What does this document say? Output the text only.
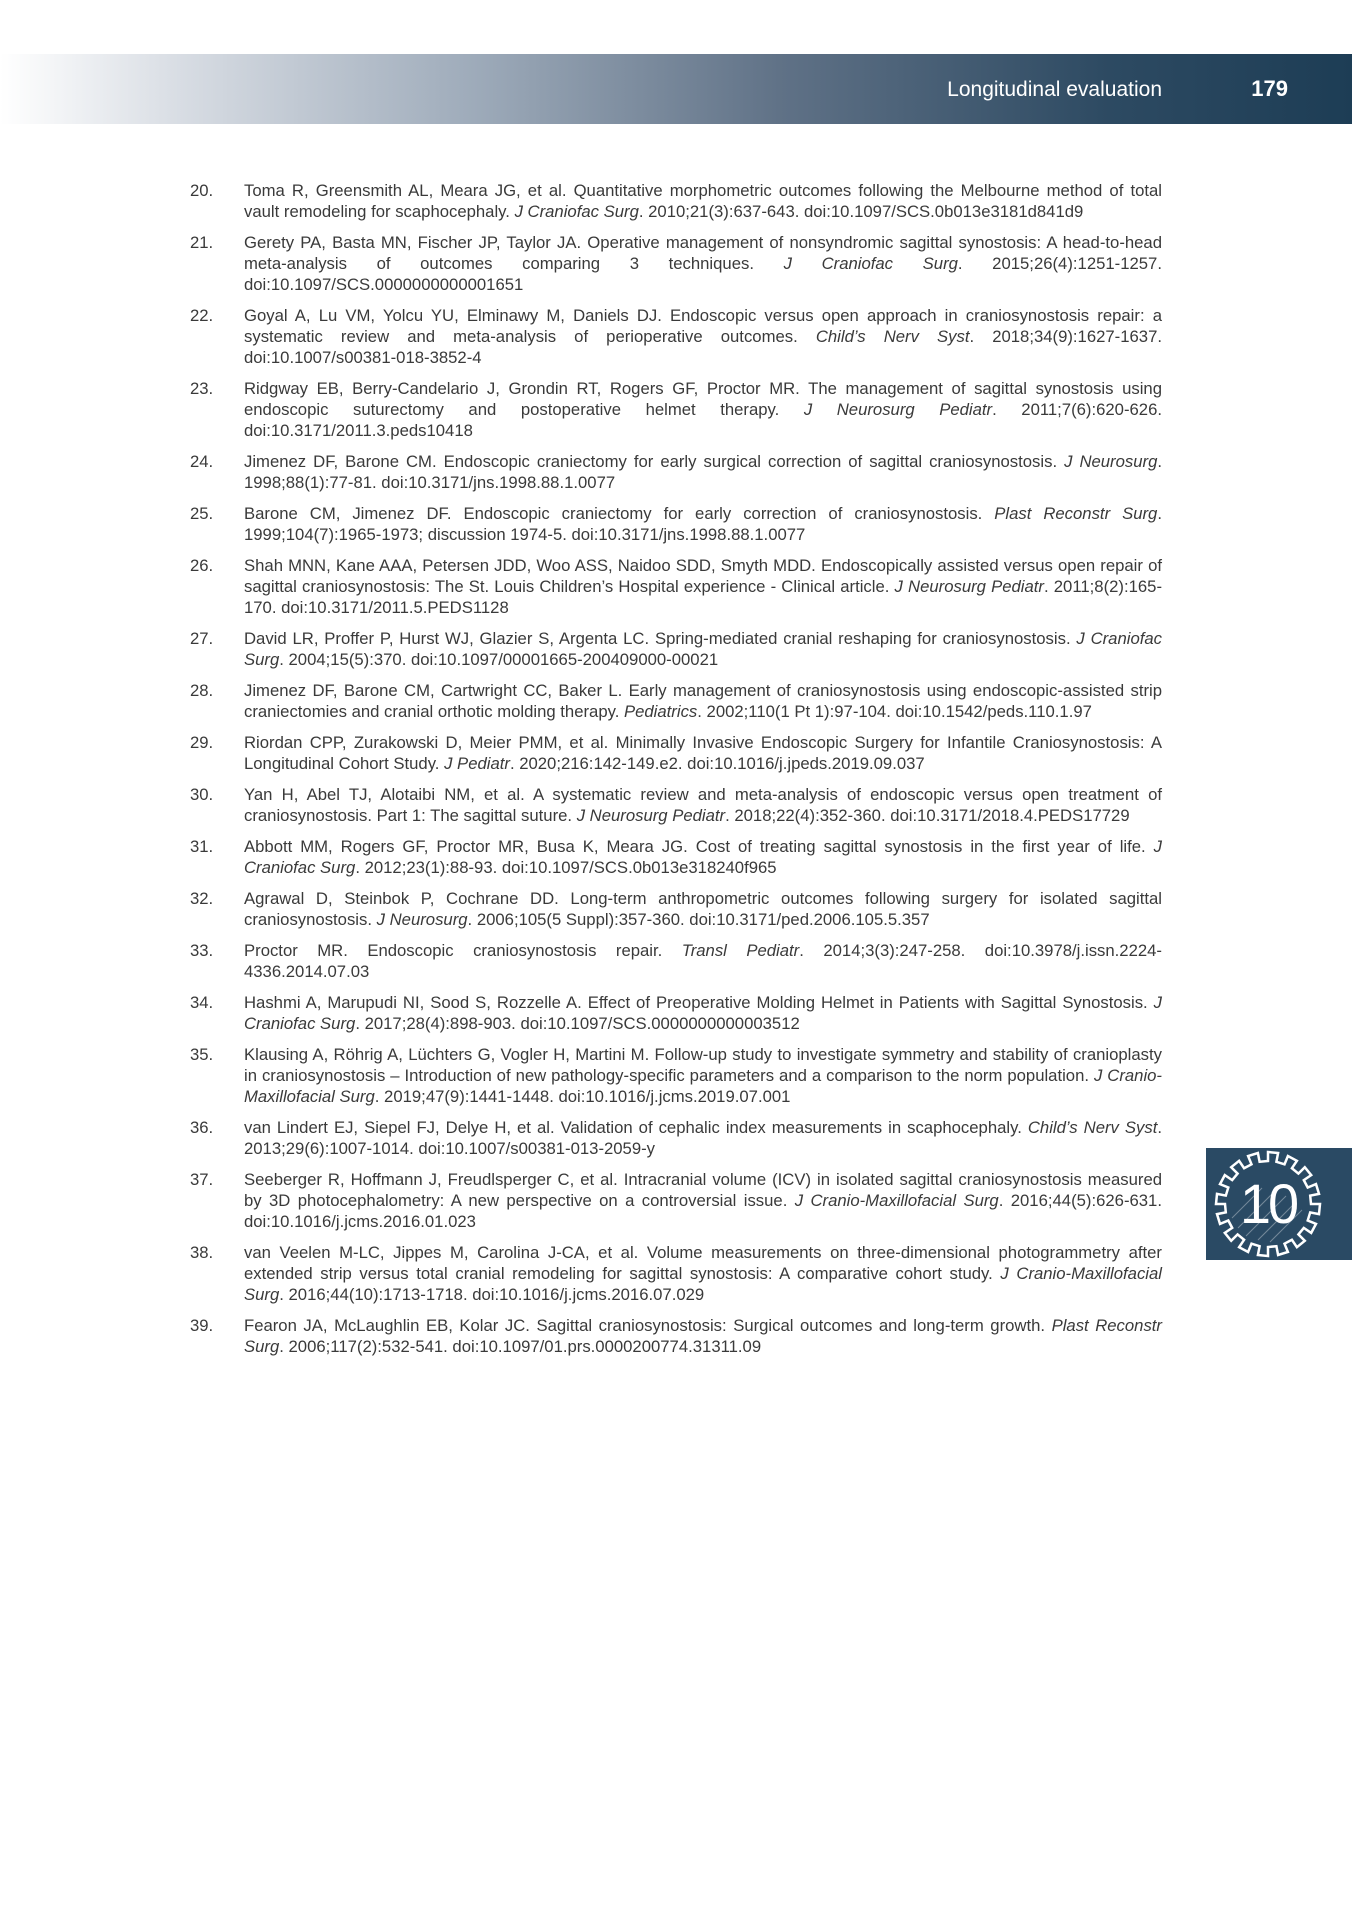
Longitudinal evaluation	179
20.	Toma R, Greensmith AL, Meara JG, et al. Quantitative morphometric outcomes following the Melbourne method of total vault remodeling for scaphocephaly. J Craniofac Surg. 2010;21(3):637-643. doi:10.1097/SCS.0b013e3181d841d9
21.	Gerety PA, Basta MN, Fischer JP, Taylor JA. Operative management of nonsyndromic sagittal synostosis: A head-to-head meta-analysis of outcomes comparing 3 techniques. J Craniofac Surg. 2015;26(4):1251-1257. doi:10.1097/SCS.0000000000001651
22.	Goyal A, Lu VM, Yolcu YU, Elminawy M, Daniels DJ. Endoscopic versus open approach in craniosynostosis repair: a systematic review and meta-analysis of perioperative outcomes. Child’s Nerv Syst. 2018;34(9):1627-1637. doi:10.1007/s00381-018-3852-4
23.	Ridgway EB, Berry-Candelario J, Grondin RT, Rogers GF, Proctor MR. The management of sagittal synostosis using endoscopic suturectomy and postoperative helmet therapy. J Neurosurg Pediatr. 2011;7(6):620-626. doi:10.3171/2011.3.peds10418
24.	Jimenez DF, Barone CM. Endoscopic craniectomy for early surgical correction of sagittal craniosynostosis. J Neurosurg. 1998;88(1):77-81. doi:10.3171/jns.1998.88.1.0077
25.	Barone CM, Jimenez DF. Endoscopic craniectomy for early correction of craniosynostosis. Plast Reconstr Surg. 1999;104(7):1965-1973; discussion 1974-5. doi:10.3171/jns.1998.88.1.0077
26.	Shah MNN, Kane AAA, Petersen JDD, Woo ASS, Naidoo SDD, Smyth MDD. Endoscopically assisted versus open repair of sagittal craniosynostosis: The St. Louis Children’s Hospital experience - Clinical article. J Neurosurg Pediatr. 2011;8(2):165-170. doi:10.3171/2011.5.PEDS1128
27.	David LR, Proffer P, Hurst WJ, Glazier S, Argenta LC. Spring-mediated cranial reshaping for craniosynostosis. J Craniofac Surg. 2004;15(5):370. doi:10.1097/00001665-200409000-00021
28.	Jimenez DF, Barone CM, Cartwright CC, Baker L. Early management of craniosynostosis using endoscopic-assisted strip craniectomies and cranial orthotic molding therapy. Pediatrics. 2002;110(1 Pt 1):97-104. doi:10.1542/peds.110.1.97
29.	Riordan CPP, Zurakowski D, Meier PMM, et al. Minimally Invasive Endoscopic Surgery for Infantile Craniosynostosis: A Longitudinal Cohort Study. J Pediatr. 2020;216:142-149.e2. doi:10.1016/j.jpeds.2019.09.037
30.	Yan H, Abel TJ, Alotaibi NM, et al. A systematic review and meta-analysis of endoscopic versus open treatment of craniosynostosis. Part 1: The sagittal suture. J Neurosurg Pediatr. 2018;22(4):352-360. doi:10.3171/2018.4.PEDS17729
31.	Abbott MM, Rogers GF, Proctor MR, Busa K, Meara JG. Cost of treating sagittal synostosis in the first year of life. J Craniofac Surg. 2012;23(1):88-93. doi:10.1097/SCS.0b013e318240f965
32.	Agrawal D, Steinbok P, Cochrane DD. Long-term anthropometric outcomes following surgery for isolated sagittal craniosynostosis. J Neurosurg. 2006;105(5 Suppl):357-360. doi:10.3171/ped.2006.105.5.357
33.	Proctor MR. Endoscopic craniosynostosis repair. Transl Pediatr. 2014;3(3):247-258. doi:10.3978/j.issn.2224-4336.2014.07.03
34.	Hashmi A, Marupudi NI, Sood S, Rozzelle A. Effect of Preoperative Molding Helmet in Patients with Sagittal Synostosis. J Craniofac Surg. 2017;28(4):898-903. doi:10.1097/SCS.0000000000003512
35.	Klausing A, Röhrig A, Lüchters G, Vogler H, Martini M. Follow-up study to investigate symmetry and stability of cranioplasty in craniosynostosis – Introduction of new pathology-specific parameters and a comparison to the norm population. J Cranio-Maxillofacial Surg. 2019;47(9):1441-1448. doi:10.1016/j.jcms.2019.07.001
36.	van Lindert EJ, Siepel FJ, Delye H, et al. Validation of cephalic index measurements in scaphocephaly. Child’s Nerv Syst. 2013;29(6):1007-1014. doi:10.1007/s00381-013-2059-y
37.	Seeberger R, Hoffmann J, Freudlsperger C, et al. Intracranial volume (ICV) in isolated sagittal craniosynostosis measured by 3D photocephalometry: A new perspective on a controversial issue. J Cranio-Maxillofacial Surg. 2016;44(5):626-631. doi:10.1016/j.jcms.2016.01.023
38.	van Veelen M-LC, Jippes M, Carolina J-CA, et al. Volume measurements on three-dimensional photogrammetry after extended strip versus total cranial remodeling for sagittal synostosis: A comparative cohort study. J Cranio-Maxillofacial Surg. 2016;44(10):1713-1718. doi:10.1016/j.jcms.2016.07.029
39.	Fearon JA, McLaughlin EB, Kolar JC. Sagittal craniosynostosis: Surgical outcomes and long-term growth. Plast Reconstr Surg. 2006;117(2):532-541. doi:10.1097/01.prs.0000200774.31311.09
10
